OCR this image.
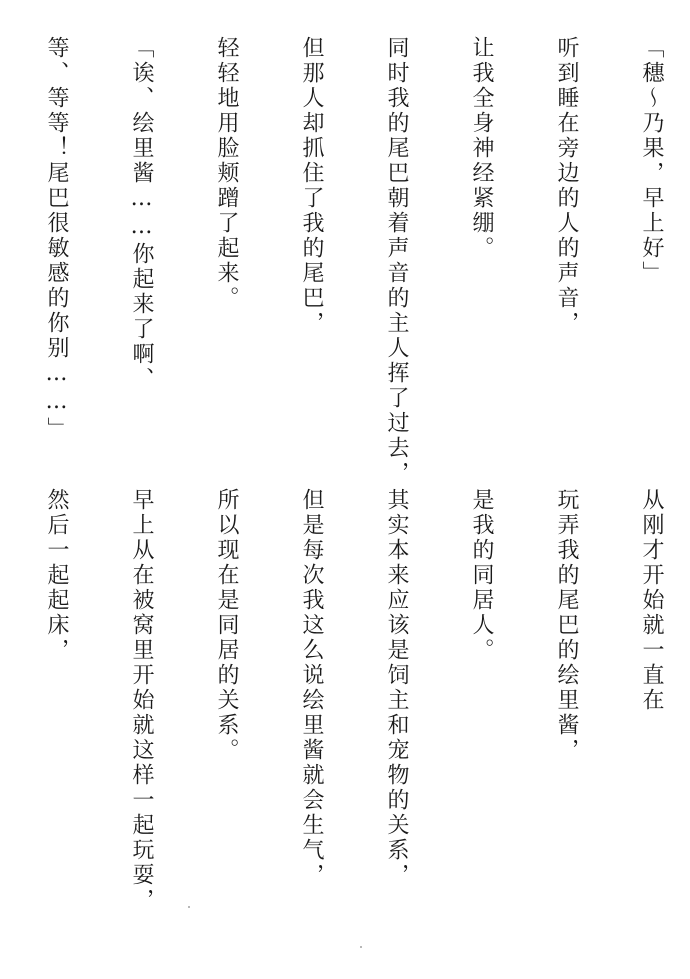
「穗～乃果，早上好」
听到睡在旁边的人的声音，
让我全身神经紧绷。
同时我的尾巴朝着声音的主人挥了过去，
但那人却抓住了我的尾巴，
轻轻地用脸颊蹭了起来。
「诶、绘里酱……你起来了啊、
等、等等！尾巴很敏感的你别……」
从刚才开始就一直在
玩弄我的尾巴的绘里酱，
是我的同居人。
其实本来应该是饲主和宠物的关系，
但是每次我这么说绘里酱就会生气，
所以现在是同居的关系。
早上从在被窝里开始就这样一起玩耍，
然后一起起床，
